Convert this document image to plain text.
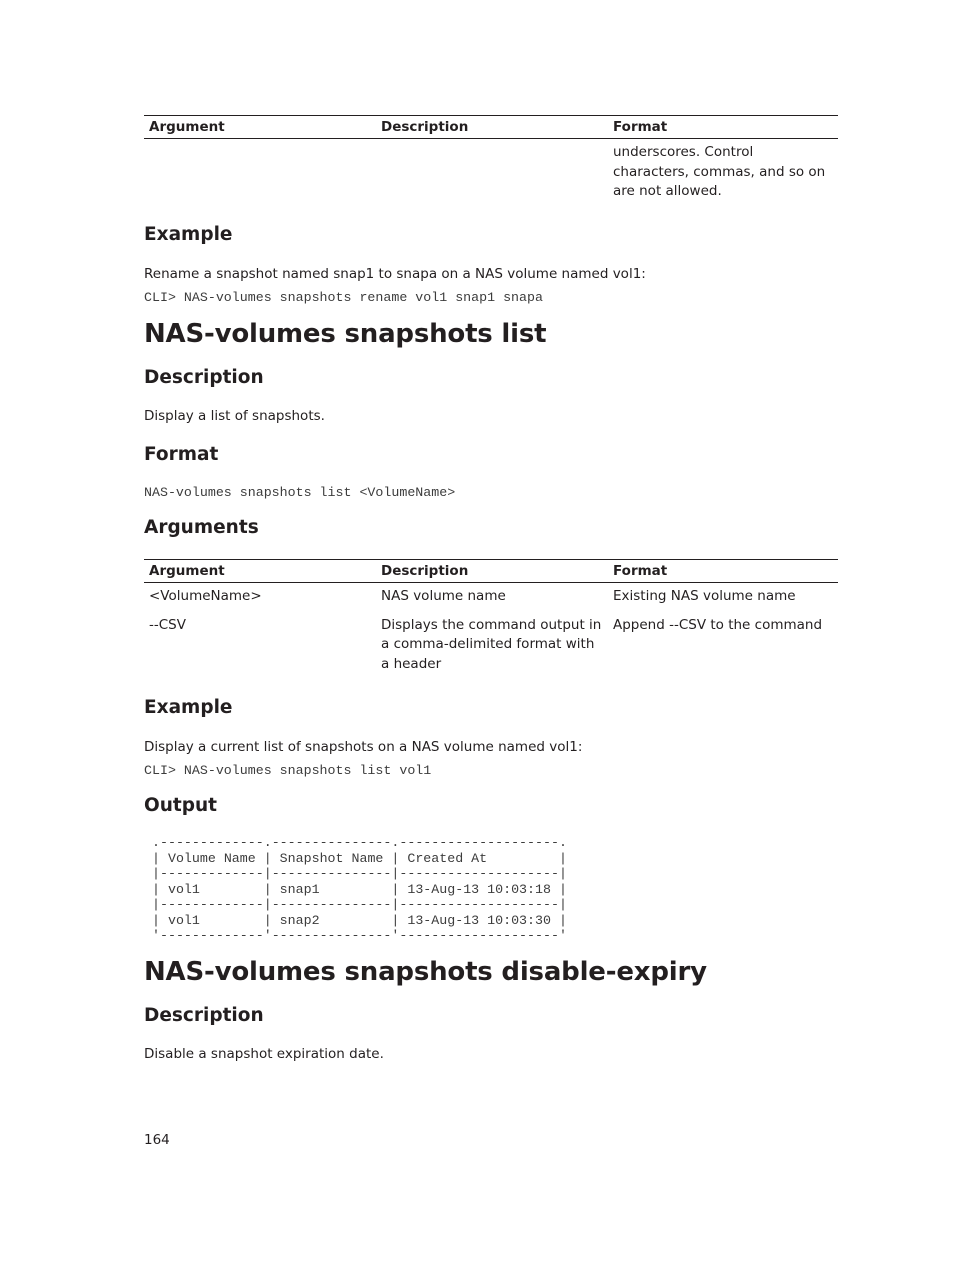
Argument	Description	Format
		underscores. Control characters, commas, and so on are not allowed.
Example
Rename a snapshot named snap1 to snapa on a NAS volume named vol1:
CLI> NAS-volumes snapshots rename vol1 snap1 snapa
NAS-volumes snapshots list
Description
Display a list of snapshots.
Format
NAS-volumes snapshots list <VolumeName>
Arguments
Argument	Description	Format
<VolumeName>	NAS volume name	Existing NAS volume name
--CSV	Displays the command output in a comma-delimited format with a header	Append --CSV to the command
Example
Display a current list of snapshots on a NAS volume named vol1:
CLI> NAS-volumes snapshots list vol1
Output
.-------------.---------------.--------------------.
| Volume Name | Snapshot Name | Created At         |
|-------------|---------------|--------------------|
| vol1        | snap1         | 13-Aug-13 10:03:18 |
|-------------|---------------|--------------------|
| vol1        | snap2         | 13-Aug-13 10:03:30 |
'-------------'---------------'--------------------'
NAS-volumes snapshots disable-expiry
Description
Disable a snapshot expiration date.
164
